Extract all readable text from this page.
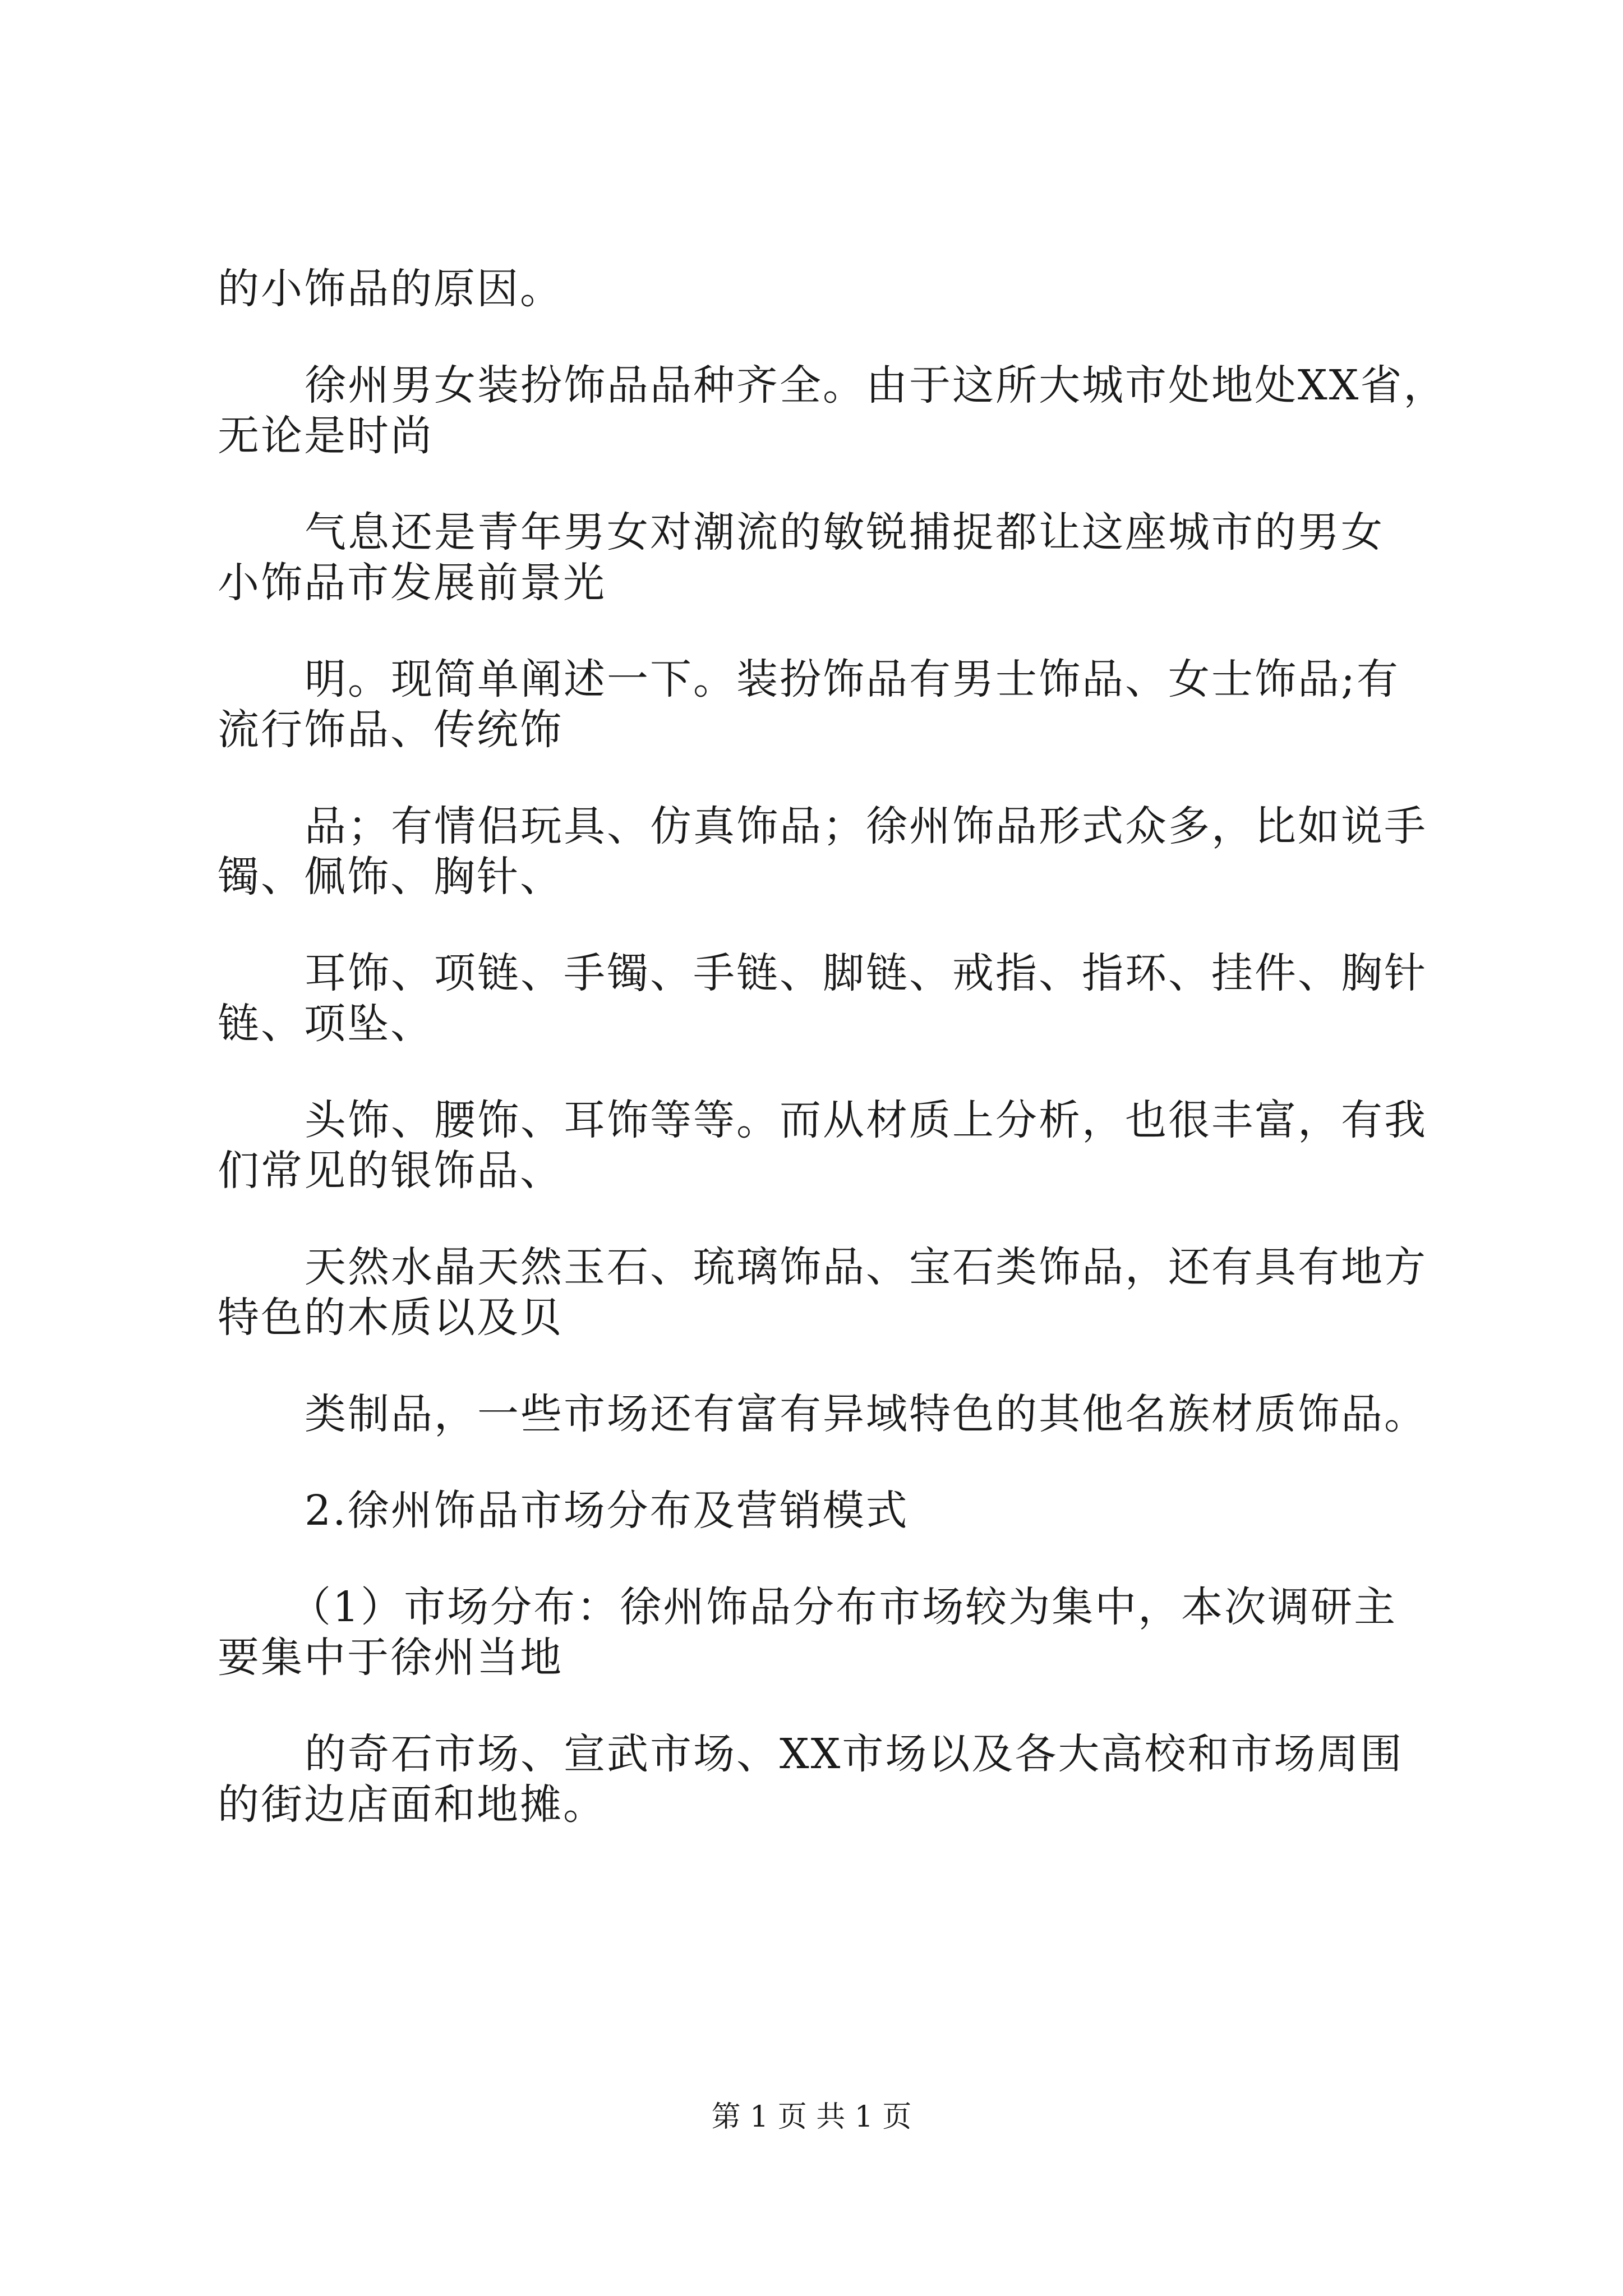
的小饰品的原因。
徐州男女装扮饰品品种齐全。由于这所大城市处地处XX省，
无论是时尚
气息还是青年男女对潮流的敏锐捕捉都让这座城市的男女
小饰品市发展前景光
明。现简单阐述一下。装扮饰品有男士饰品、女士饰品;有
流行饰品、传统饰
品；有情侣玩具、仿真饰品；徐州饰品形式众多，比如说手
镯、佩饰、胸针、
耳饰、项链、手镯、手链、脚链、戒指、指环、挂件、胸针
链、项坠、
头饰、腰饰、耳饰等等。而从材质上分析，也很丰富，有我
们常见的银饰品、
天然水晶天然玉石、琉璃饰品、宝石类饰品，还有具有地方
特色的木质以及贝
类制品，一些市场还有富有异域特色的其他名族材质饰品。
2.徐州饰品市场分布及营销模式
（1）市场分布：徐州饰品分布市场较为集中，本次调研主
要集中于徐州当地
的奇石市场、宣武市场、XX市场以及各大高校和市场周围
的街边店面和地摊。
第 1 页 共 1 页
